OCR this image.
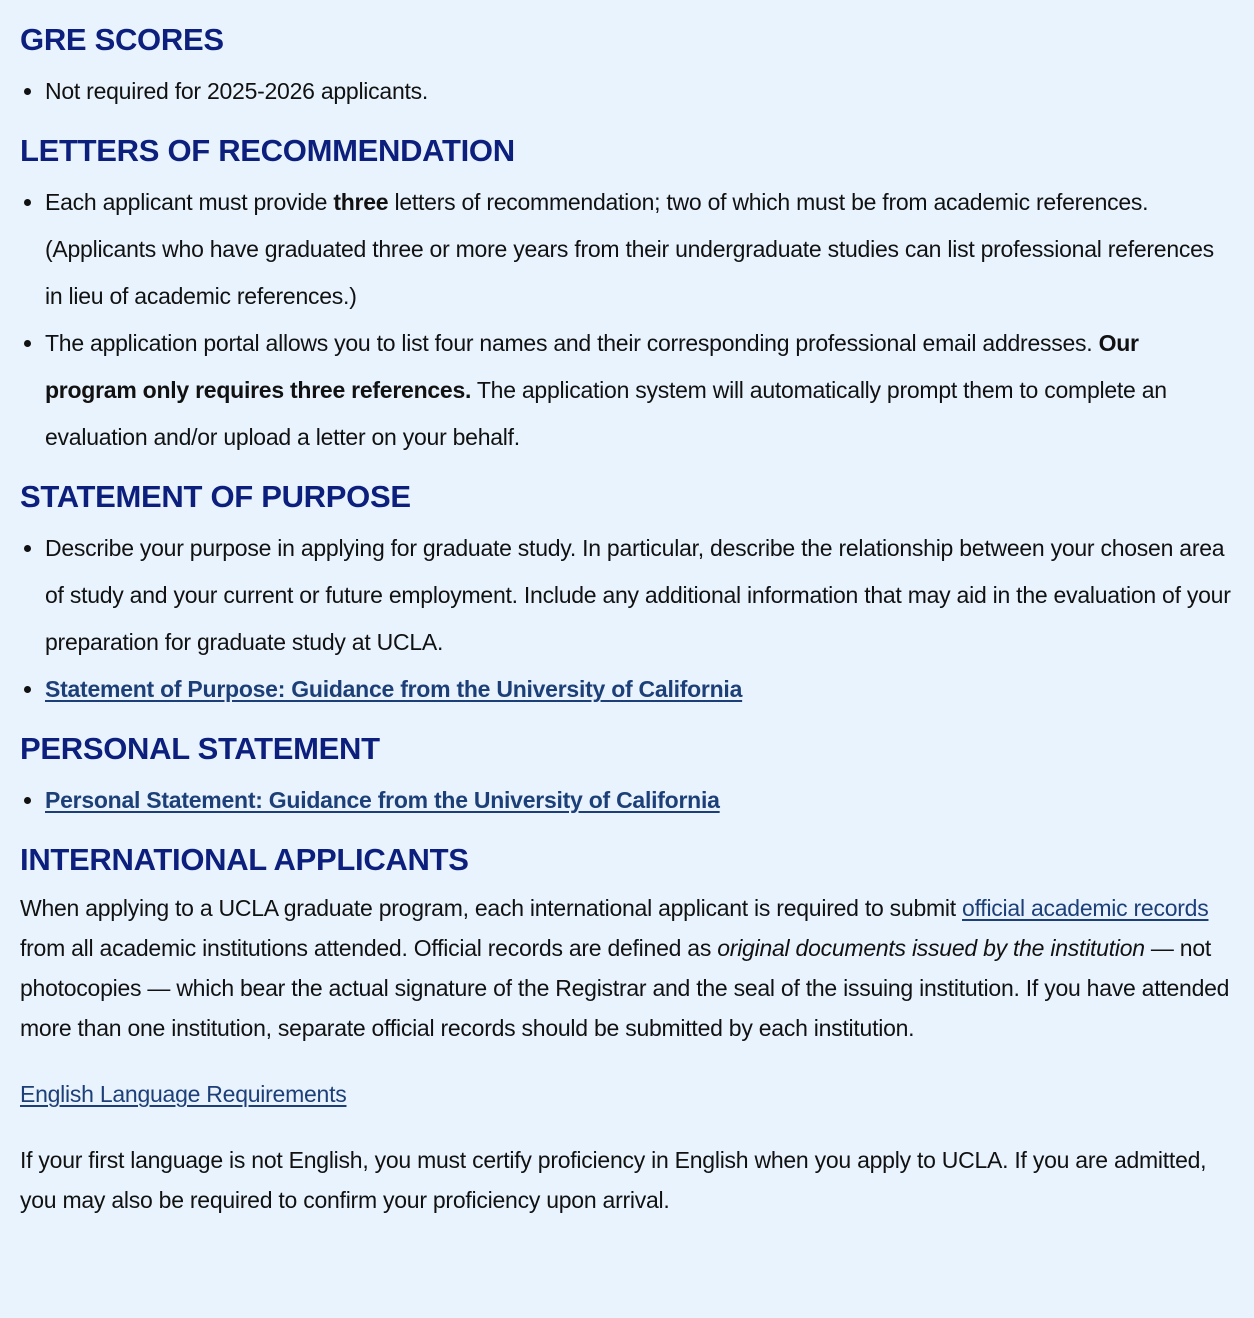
GRE SCORES
Not required for 2025-2026 applicants.
LETTERS OF RECOMMENDATION
Each applicant must provide three letters of recommendation; two of which must be from academic references. (Applicants who have graduated three or more years from their undergraduate studies can list professional references in lieu of academic references.)
The application portal allows you to list four names and their corresponding professional email addresses. Our program only requires three references. The application system will automatically prompt them to complete an evaluation and/or upload a letter on your behalf.
STATEMENT OF PURPOSE
Describe your purpose in applying for graduate study. In particular, describe the relationship between your chosen area of study and your current or future employment. Include any additional information that may aid in the evaluation of your preparation for graduate study at UCLA.
Statement of Purpose: Guidance from the University of California
PERSONAL STATEMENT
Personal Statement: Guidance from the University of California
INTERNATIONAL APPLICANTS

When applying to a UCLA graduate program, each international applicant is required to submit official academic records from all academic institutions attended. Official records are defined as original documents issued by the institution — not photocopies — which bear the actual signature of the Registrar and the seal of the issuing institution. If you have attended more than one institution, separate official records should be submitted by each institution.

English Language Requirements

If your first language is not English, you must certify proficiency in English when you apply to UCLA. If you are admitted, you may also be required to confirm your proficiency upon arrival.
